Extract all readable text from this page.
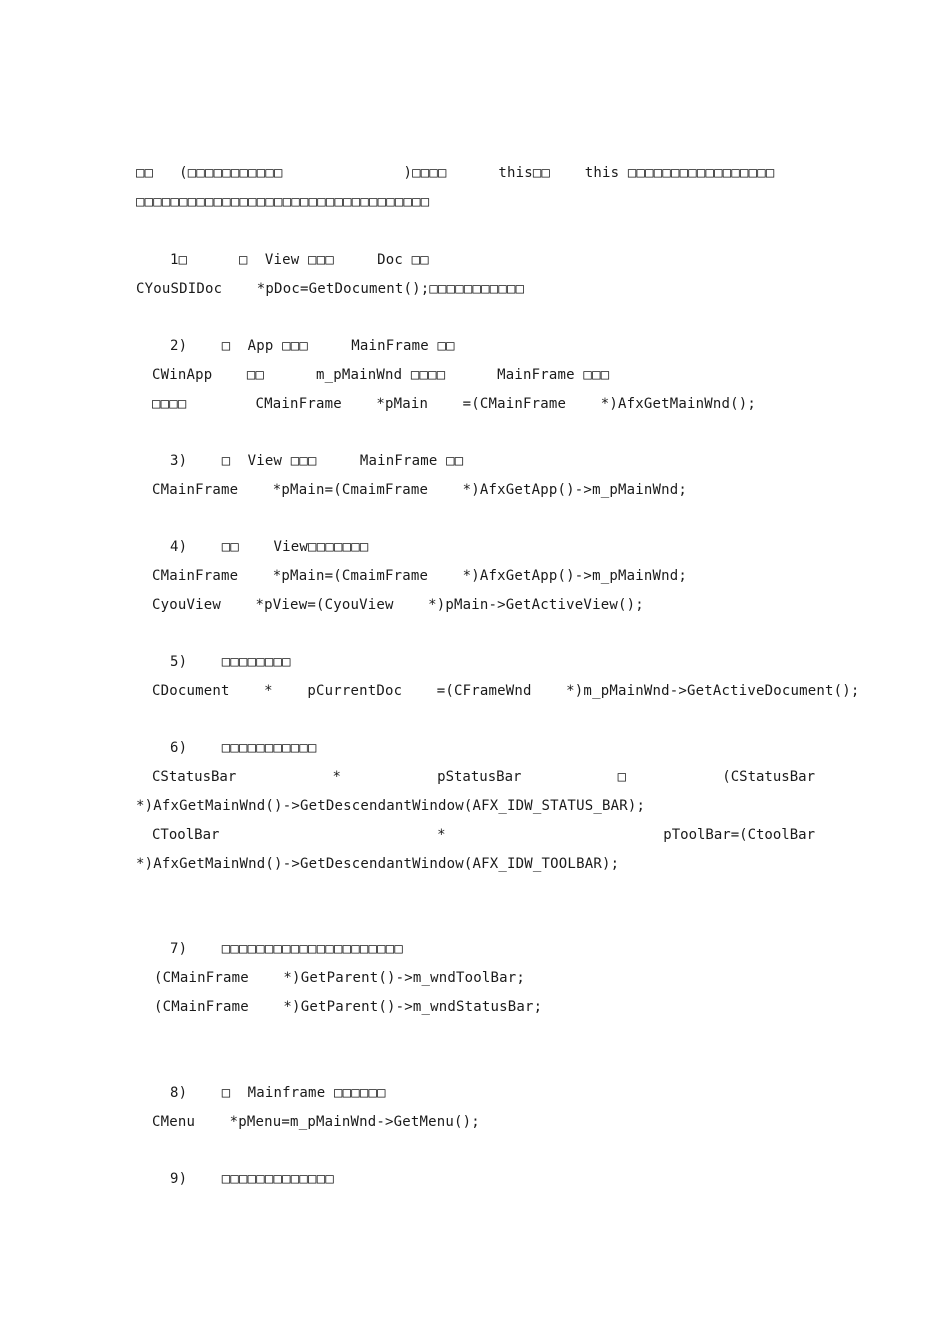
□□   (□□□□□□□□□□□              )□□□□      this□□    this □□□□□□□□□□□□□□□□□
□□□□□□□□□□□□□□□□□□□□□□□□□□□□□□□□□□
1□      □  View □□□     Doc □□
CYouSDIDoc    *pDoc=GetDocument();□□□□□□□□□□□
2)    □  App □□□     MainFrame □□
CWinApp    □□      m_pMainWnd □□□□      MainFrame □□□
□□□□        CMainFrame    *pMain    =(CMainFrame    *)AfxGetMainWnd();
3)    □  View □□□     MainFrame □□
CMainFrame    *pMain=(CmaimFrame    *)AfxGetApp()->m_pMainWnd;
4)    □□    View□□□□□□□
CMainFrame    *pMain=(CmaimFrame    *)AfxGetApp()->m_pMainWnd;
CyouView    *pView=(CyouView    *)pMain->GetActiveView();
5)    □□□□□□□□
CDocument    *    pCurrentDoc    =(CFrameWnd    *)m_pMainWnd->GetActiveDocument();
6)    □□□□□□□□□□□
CStatusBar	*	pStatusBar	□	(CStatusBar
*)AfxGetMainWnd()->GetDescendantWindow(AFX_IDW_STATUS_BAR);
CToolBar	*	pToolBar=(CtoolBar
*)AfxGetMainWnd()->GetDescendantWindow(AFX_IDW_TOOLBAR);
7)    □□□□□□□□□□□□□□□□□□□□□
(CMainFrame    *)GetParent()->m_wndToolBar;
(CMainFrame    *)GetParent()->m_wndStatusBar;
8)    □  Mainframe □□□□□□
CMenu    *pMenu=m_pMainWnd->GetMenu();
9)    □□□□□□□□□□□□□
